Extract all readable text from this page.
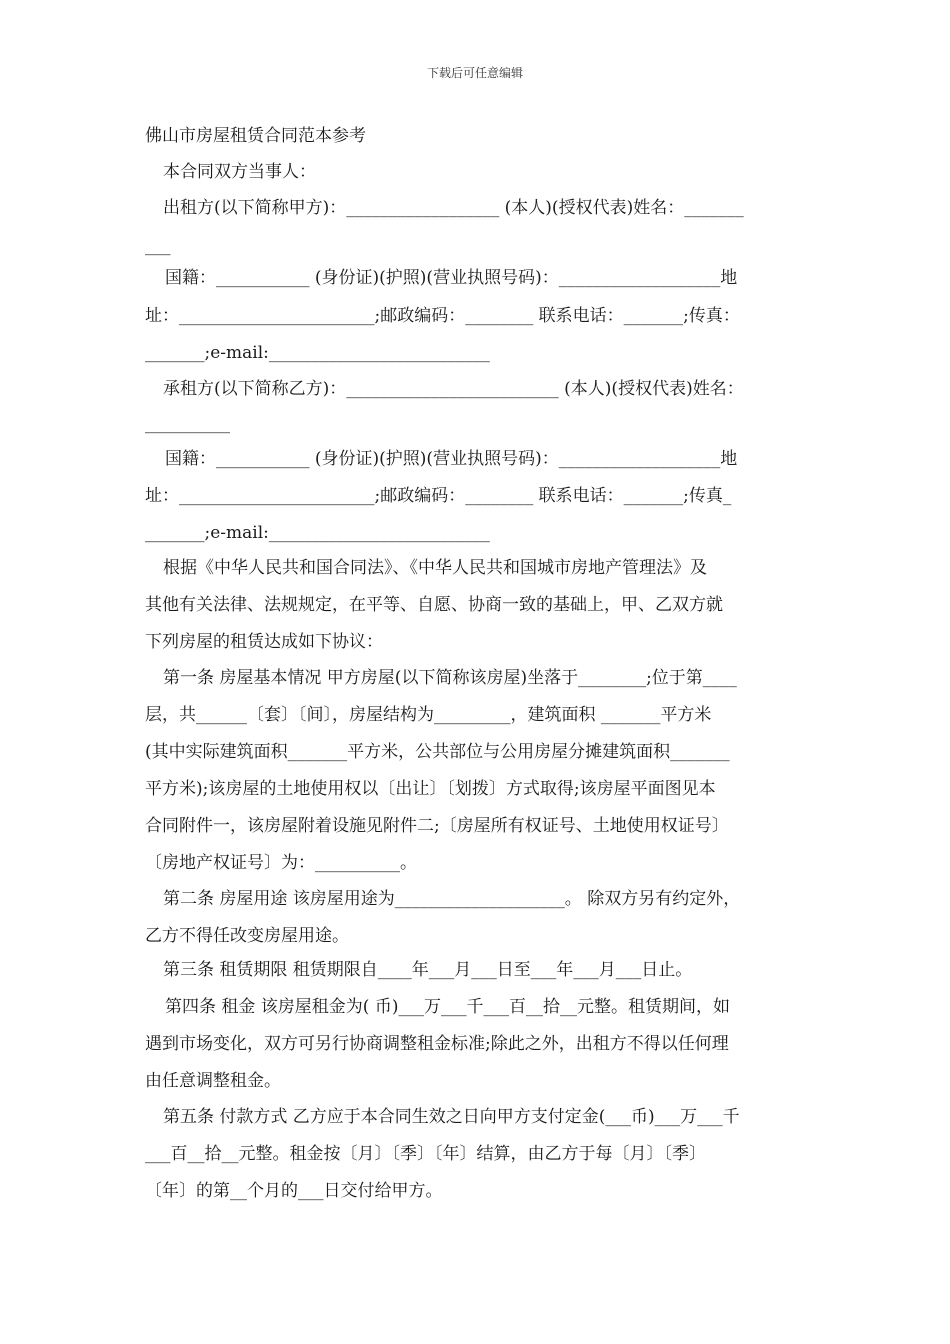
下载后可任意编辑
佛山市房屋租赁合同范本参考
本合同双方当事人：
出租方(以下简称甲方)：__________________ (本人)(授权代表)姓名：_______
___
国籍：___________ (身份证)(护照)(营业执照号码)：___________________地
址：_______________________;邮政编码：________ 联系电话：_______;传真：
_______;e-mail:__________________________
承租方(以下简称乙方)：_________________________ (本人)(授权代表)姓名：
__________
国籍：___________ (身份证)(护照)(营业执照号码)：___________________地
址：_______________________;邮政编码：________ 联系电话：_______;传真_
_______;e-mail:__________________________
根据《中华人民共和国合同法》、《中华人民共和国城市房地产管理法》及
其他有关法律、法规规定，在平等、自愿、协商一致的基础上，甲、乙双方就
下列房屋的租赁达成如下协议：
第一条 房屋基本情况 甲方房屋(以下简称该房屋)坐落于________;位于第____
层，共______〔套〕〔间〕，房屋结构为_________，建筑面积 _______平方米
(其中实际建筑面积_______平方米，公共部位与公用房屋分摊建筑面积_______
平方米);该房屋的土地使用权以〔出让〕〔划拨〕方式取得;该房屋平面图见本
合同附件一，该房屋附着设施见附件二;〔房屋所有权证号、土地使用权证号〕
〔房地产权证号〕为：__________。
第二条 房屋用途 该房屋用途为____________________。 除双方另有约定外，
乙方不得任改变房屋用途。
第三条 租赁期限 租赁期限自____年___月___日至___年___月___日止。
第四条 租金 该房屋租金为( 币)___万___千___百__拾__元整。租赁期间，如
遇到市场变化，双方可另行协商调整租金标准;除此之外，出租方不得以任何理
由任意调整租金。
第五条 付款方式 乙方应于本合同生效之日向甲方支付定金(___币)___万___千
___百__拾__元整。租金按〔月〕〔季〕〔年〕结算，由乙方于每〔月〕〔季〕
〔年〕的第__个月的___日交付给甲方。
